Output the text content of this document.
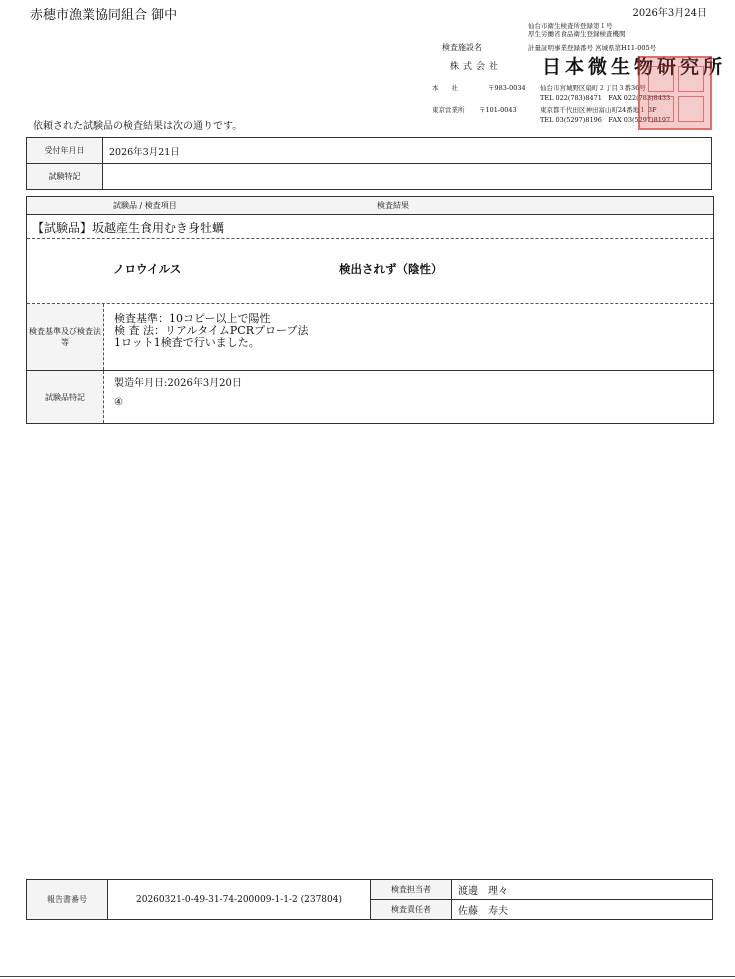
赤穂市漁業協同組合 御中	2026年3月24日
仙台市衛生検査所登録第１号
厚生労働省食品衛生登録検査機関
検査施設名	計量証明事業登録番号 宮城県第H11-005号
株式会社 日本微生物研究所
本　　社	〒983-0034 仙台市宮城野区扇町２丁目３番36号
TEL 022(783)8471　FAX 022(783)8433
東京営業所 〒101-0043	東京都千代田区神田富山町24番地１ 3F
TEL 03(5297)8196　FAX 03(5297)8197
依頼された試験品の検査結果は次の通りです。
受付年月日	2026年3月21日
試験特記	
試験品 / 検査項目	検査結果
【試験品】坂越産生食用むき身牡蠣
ノロウイルス	検出されず（陰性）
検査基準及び検査法　　等
検査基準：10コピー以上で陽性
検 査 法：リアルタイムPCRプローブ法
1ロット1検査で行いました。
試験品特記
製造年月日:2026年3月20日
④
報告書番号	20260321-0-49-31-74-200009-1-1-2 (237804)	検査担当者	渡邊　理々
		検査責任者	佐藤　寿夫
